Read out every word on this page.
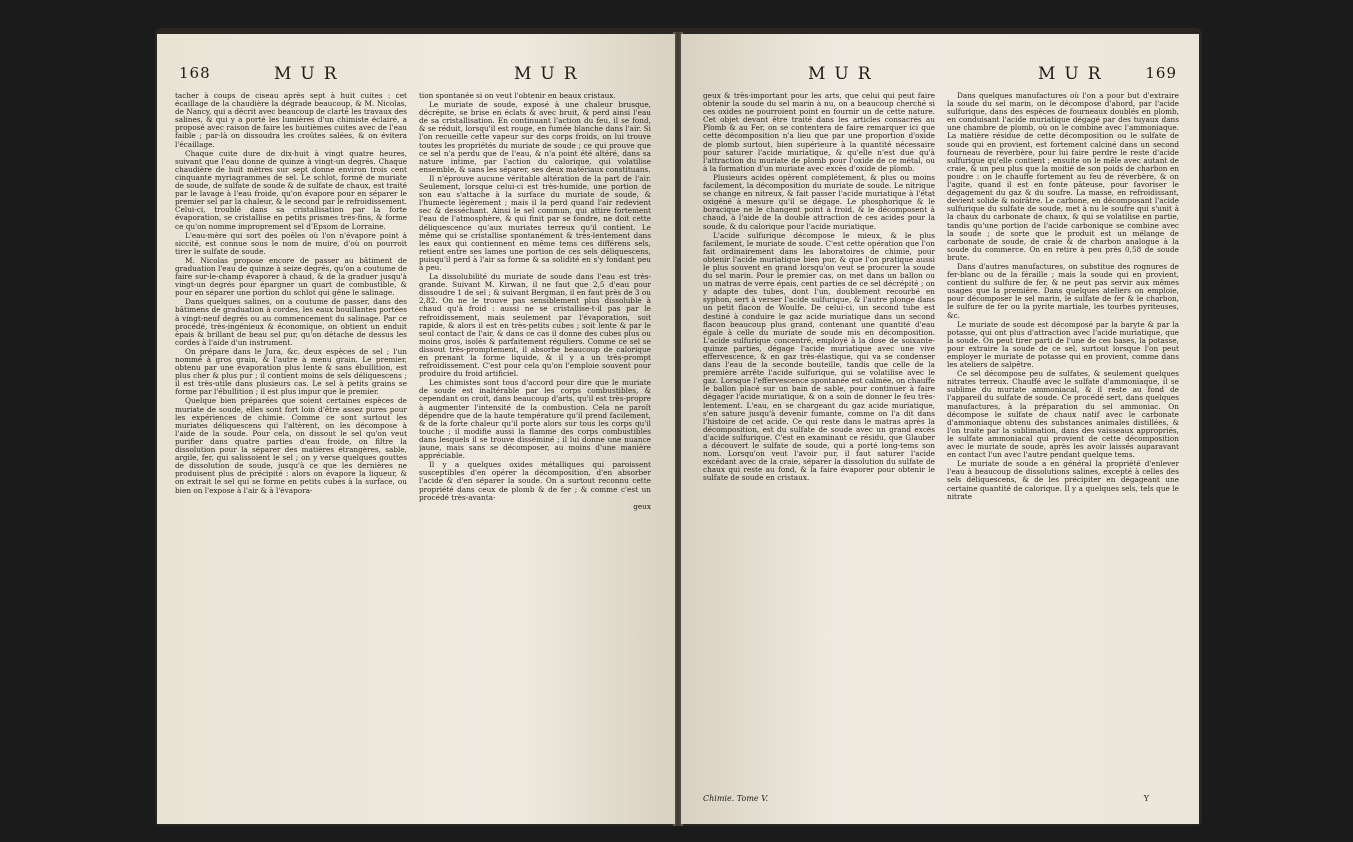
168	MUR	MUR

tacher à coups de ciseau après sept à huit cuites : cet écaillage de la chaudière la dégrade beaucoup, & M. Nicolas, de Nancy, qui a décrit avec beaucoup de clarté les travaux des salines, & qui y a porté les lumières d'un chimiste éclairé, a proposé avec raison de faire les huitièmes cuites avec de l'eau faible ; par-là on dissoudra les croûtes salées, & on évitera l'écaillage.

Chaque cuite dure de dix-huit à vingt quatre heures, suivant que l'eau donne de quinze à vingt-un degrés. Chaque chaudière de huit mètres sur sept donne environ trois cent cinquante myriagrammes de sel. Le schlot, formé de muriate de soude, de sulfate de soude & de sulfate de chaux, est traité par le lavage à l'eau froide, qu'on évapore pour en séparer le premier sel par la chaleur, & le second par le refroidissement. Celui-ci, troublé dans sa cristallisation par la forte évaporation, se cristallise en petits prismes très-fins, & forme ce qu'on nomme improprement sel d'Epsom de Lorraine.

L'eau-mère qui sort des poêles où l'on n'évapore point à siccité, est connue sous le nom de muire, d'où on pourroit tirer le sulfate de soude.

M. Nicolas propose encore de passer au bâtiment de graduation l'eau de quinze à seize degrés, qu'on a coutume de faire sur-le-champ évaporer à chaud, & de la graduer jusqu'à vingt-un degrés pour épargner un quart de combustible, & pour en séparer une portion du schlot qui gêne le salinage.

Dans quelques salines, on a coutume de passer, dans des bâtimens de graduation à cordes, les eaux bouillantes portées à vingt-neuf degrés ou au commencement du salinage. Par ce procédé, très-ingénieux & économique, on obtient un enduit épais & brillant de beau sel pur, qu'on détache de dessus les cordes à l'aide d'un instrument.

On prépare dans le Jura, &c. deux espèces de sel ; l'un nommé à gros grain, & l'autre à menu grain. Le premier, obtenu par une évaporation plus lente & sans ébullition, est plus cher & plus pur ; il contient moins de sels déliquescens ; il est très-utile dans plusieurs cas. Le sel à petits grains se forme par l'ébullition ; il est plus impur que le premier.

Quelque bien préparées que soient certaines espèces de muriate de soude, elles sont fort loin d'être assez pures pour les expériences de chimie. Comme ce sont surtout les muriates déliquescens qui l'altèrent, on les décompose à l'aide de la soude. Pour cela, on dissout le sel qu'on veut purifier dans quatre parties d'eau froide, on filtre la dissolution pour la séparer des matières étrangères, sable, argile, fer, qui salissoient le sel ; on y verse quelques gouttes de dissolution de soude, jusqu'à ce que les dernières ne produisent plus de précipité : alors on évapore la liqueur, & on extrait le sel qui se forme en petits cubes à la surface, ou bien on l'expose à l'air & à l'évapora-

tion spontanée si on veut l'obtenir en beaux cristaux.

Le muriate de soude, exposé à une chaleur brusque, décrépite, se brise en éclats & avec bruit, & perd ainsi l'eau de sa cristallisation. En continuant l'action du feu, il se fond, & se réduit, lorsqu'il est rouge, en fumée blanche dans l'air. Si l'on recueille cette vapeur sur des corps froids, on lui trouve toutes les propriétés du muriate de soude ; ce qui prouve que ce sel n'a perdu que de l'eau, & n'a point été altéré, dans sa nature intime, par l'action du calorique, qui volatilise ensemble, & sans les séparer, ses deux matériaux constituans.

Il n'éprouve aucune véritable altération de la part de l'air. Seulement, lorsque celui-ci est très-humide, une portion de son eau s'attache à la surface du muriate de soude, & l'humecte légèrement ; mais il la perd quand l'air redevient sec & desséchant. Ainsi le sel commun, qui attire fortement l'eau de l'atmosphère, & qui finit par se fondre, ne doit cette déliquescence qu'aux muriates terreux qu'il contient. Le même qui se cristallise spontanément & très-lentement dans les eaux qui contiennent en même tems ces différens sels, retient entre ses lames une portion de ces sels déliquescens, puisqu'il perd à l'air sa forme & sa solidité en s'y fondant peu à peu.

La dissolubilité du muriate de soude dans l'eau est très-grande. Suivant M. Kirwan, il ne faut que 2,5 d'eau pour dissoudre 1 de sel ; & suivant Bergman, il en faut près de 3 ou 2,82. On ne le trouve pas sensiblement plus dissoluble à chaud qu'à froid : aussi ne se cristallise-t-il pas par le refroidissement, mais seulement par l'évaporation, soit rapide, & alors il est en très-petits cubes ; soit lente & par le seul contact de l'air, & dans ce cas il donne des cubes plus ou moins gros, isolés & parfaitement réguliers. Comme ce sel se dissout très-promptement, il absorbe beaucoup de calorique en prenant la forme liquide, & il y a un très-prompt refroidissement. C'est pour cela qu'on l'emploie souvent pour produire du froid artificiel.

Les chimistes sont tous d'accord pour dire que le muriate de soude est inaltérable par les corps combustibles, & cependant on croit, dans beaucoup d'arts, qu'il est très-propre à augmenter l'intensité de la combustion. Cela ne paroît dépendre que de la haute température qu'il prend facilement, & de la forte chaleur qu'il porte alors sur tous les corps qu'il touche ; il modifie aussi la flamme des corps combustibles dans lesquels il se trouve disséminé ; il lui donne une nuance jaune, mais sans se décomposer, au moins d'une manière appréciable.

Il y a quelques oxides métalliques qui paroissent susceptibles d'en opérer la décomposition, d'en absorber l'acide & d'en séparer la soude. On a surtout reconnu cette propriété dans ceux de plomb & de fer ; & comme c'est un procédé très-avanta-

geux

MUR	MUR 169

geux & très-important pour les arts, que celui qui peut faire obtenir la soude du sel marin à nu, on a beaucoup cherché si ces oxides ne pourroient point en fournir un de cette nature. Cet objet devant être traité dans les articles consacrés au Plomb & au Fer, on se contentera de faire remarquer ici que cette décomposition n'a lieu que par une proportion d'oxide de plomb surtout, bien supérieure à la quantité nécessaire pour saturer l'acide muriatique, & qu'elle n'est due qu'à l'attraction du muriate de plomb pour l'oxide de ce métal, ou à la formation d'un muriate avec excès d'oxide de plomb.

Plusieurs acides opèrent complétement, & plus ou moins facilement, la décomposition du muriate de soude. Le nitrique se change en nitreux, & fait passer l'acide muriatique à l'état oxigéné à mesure qu'il se dégage. Le phosphorique & le boracique ne le changent point à froid, & le décomposent à chaud, à l'aide de la double attraction de ces acides pour la soude, & du calorique pour l'acide muriatique.

L'acide sulfurique décompose le mieux, & le plus facilement, le muriate de soude. C'est cette opération que l'on fait ordinairement dans les laboratoires de chimie, pour obtenir l'acide muriatique bien pur, & que l'on pratique aussi le plus souvent en grand lorsqu'on veut se procurer la soude du sel marin. Pour le premier cas, on met dans un ballon ou un matras de verre épais, cent parties de ce sel décrépité ; on y adapte des tubes, dont l'un, doublement recourbé en syphon, sert à verser l'acide sulfurique, & l'autre plonge dans un petit flacon de Woulfe. De celui-ci, un second tube est destiné à conduire le gaz acide muriatique dans un second flacon beaucoup plus grand, contenant une quantité d'eau égale à celle du muriate de soude mis en décomposition. L'acide sulfurique concentré, employé à la dose de soixante-quinze parties, dégage l'acide muriatique avec une vive effervescence, & en gaz très-élastique, qui va se condenser dans l'eau de la seconde bouteille, tandis que celle de la première arrête l'acide sulfurique, qui se volatilise avec le gaz. Lorsque l'effervescence spontanée est calmée, on chauffe le ballon placé sur un bain de sable, pour continuer à faire dégager l'acide muriatique, & on a soin de donner le feu très-lentement. L'eau, en se chargeant du gaz acide muriatique, s'en sature jusqu'à devenir fumante, comme on l'a dit dans l'histoire de cet acide. Ce qui reste dans le matras après la décomposition, est du sulfate de soude avec un grand excès d'acide sulfurique. C'est en examinant ce résidu, que Glauber a découvert le sulfate de soude, qui a porté long-tems son nom. Lorsqu'on veut l'avoir pur, il faut saturer l'acide excédant avec de la craie, séparer la dissolution du sulfate de chaux qui reste au fond, & la faire évaporer pour obtenir le sulfate de soude en cristaux.

Dans quelques manufactures où l'on a pour but d'extraire la soude du sel marin, on le décompose d'abord, par l'acide sulfurique, dans des espèces de fourneaux doublés en plomb, en conduisant l'acide muriatique dégagé par des tuyaux dans une chambre de plomb, où on le combine avec l'ammoniaque. La matière résidue de cette décomposition ou le sulfate de soude qui en provient, est fortement calciné dans un second fourneau de réverbère, pour lui faire perdre le reste d'acide sulfurique qu'elle contient ; ensuite on le mêle avec autant de craie, & un peu plus que la moitié de son poids de charbon en poudre : on le chauffe fortement au feu de réverbère, & on l'agite, quand il est en fonte pâteuse, pour favoriser le dégagement du gaz & du soufre. La masse, en refroidissant, devient solide & noirâtre. Le carbone, en décomposant l'acide sulfurique du sulfate de soude, met à nu le soufre qui s'unit à la chaux du carbonate de chaux, & qui se volatilise en partie, tandis qu'une portion de l'acide carbonique se combine avec la soude ; de sorte que le produit est un mélange de carbonate de soude, de craie & de charbon analogue à la soude du commerce. On en retire à peu près 0,58 de soude brute.

Dans d'autres manufactures, on substitue des rognures de fer-blanc ou de la féraille ; mais la soude qui en provient, contient du sulfure de fer, & ne peut pas servir aux mêmes usages que la première. Dans quelques ateliers on emploie, pour décomposer le sel marin, le sulfate de fer & le charbon, le sulfure de fer ou la pyrite martiale, les tourbes pyriteuses, &c.

Le muriate de soude est décomposé par la baryte & par la potasse, qui ont plus d'attraction avec l'acide muriatique, que la soude. On peut tirer parti de l'une de ces bases, la potasse, pour extraire la soude de ce sel, surtout lorsque l'on peut employer le muriate de potasse qui en provient, comme dans les ateliers de salpêtre.

Ce sel décompose peu de sulfates, & seulement quelques nitrates terreux. Chauffé avec le sulfate d'ammoniaque, il se sublime du muriate ammoniacal, & il reste au fond de l'appareil du sulfate de soude. Ce procédé sert, dans quelques manufactures, à la préparation du sel ammoniac. On décompose le sulfate de chaux natif avec le carbonate d'ammoniaque obtenu des substances animales distillées, & l'on traite par la sublimation, dans des vaisseaux appropriés, le sulfate ammoniacal qui provient de cette décomposition avec le muriate de soude, après les avoir laissés auparavant en contact l'un avec l'autre pendant quelque tems.

Le muriate de soude a en général la propriété d'enlever l'eau à beaucoup de dissolutions salines, excepté à celles des sels déliquescens, & de les précipiter en dégageant une certaine quantité de calorique. Il y a quelques sels, tels que le nitrate

Chimie. Tome V.	Y
